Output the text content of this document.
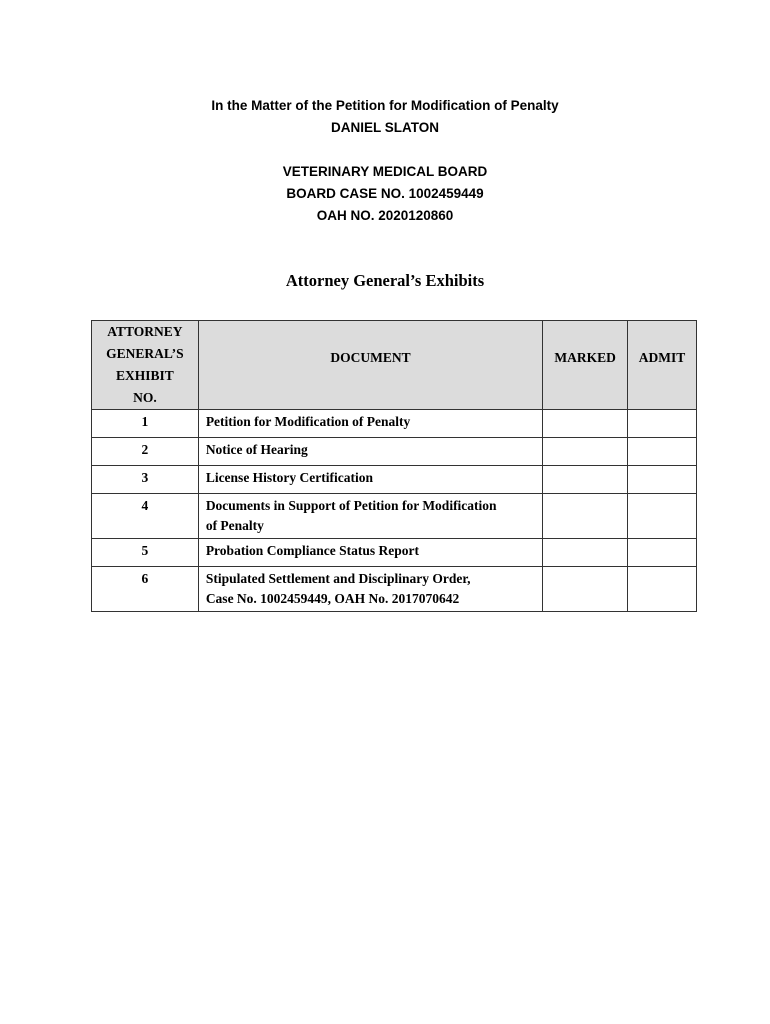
In the Matter of the Petition for Modification of Penalty
DANIEL SLATON
VETERINARY MEDICAL BOARD
BOARD CASE NO. 1002459449
OAH NO. 2020120860
Attorney General’s Exhibits
ATTORNEY
GENERAL’S
EXHIBIT
NO.	DOCUMENT	MARKED	ADMIT
1	Petition for Modification of Penalty		

2	Notice of Hearing		

3	License History Certification		

4	Documents in Support of Petition for Modification
of Penalty		

5	Probation Compliance Status Report		

6	Stipulated Settlement and Disciplinary Order,
Case No. 1002459449, OAH No. 2017070642		
